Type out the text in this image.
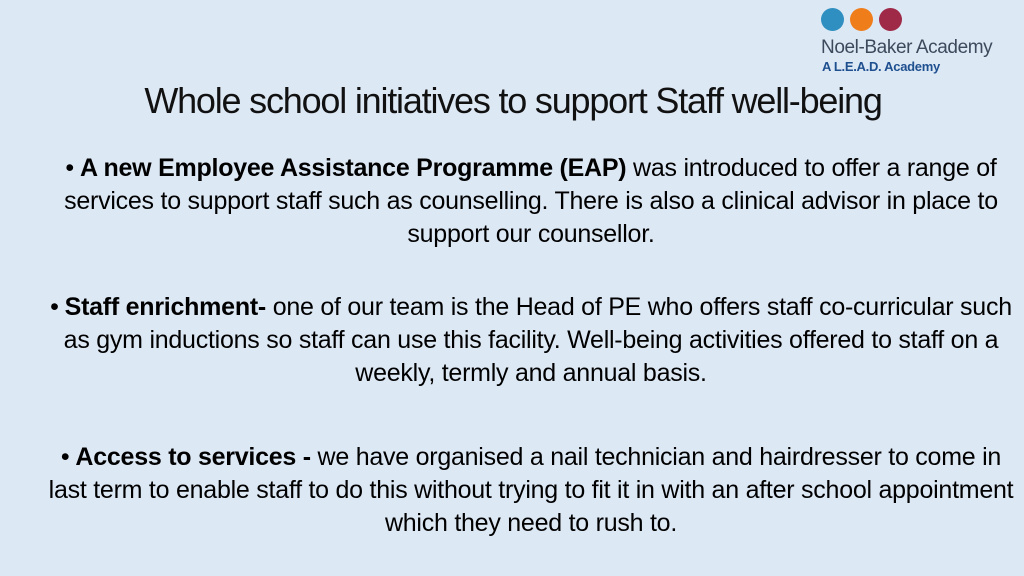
Noel-Baker Academy
A L.E.A.D. Academy
Whole school initiatives to support Staff well-being
• A new Employee Assistance Programme (EAP) was introduced to offer a range of services to support staff such as counselling. There is also a clinical advisor in place to support our counsellor.
• Staff enrichment- one of our team is the Head of PE who offers staff co-curricular such as gym inductions so staff can use this facility. Well-being activities offered to staff on a weekly, termly and annual basis.
• Access to services - we have organised a nail technician and hairdresser to come in last term to enable staff to do this without trying to fit it in with an after school appointment which they need to rush to.
